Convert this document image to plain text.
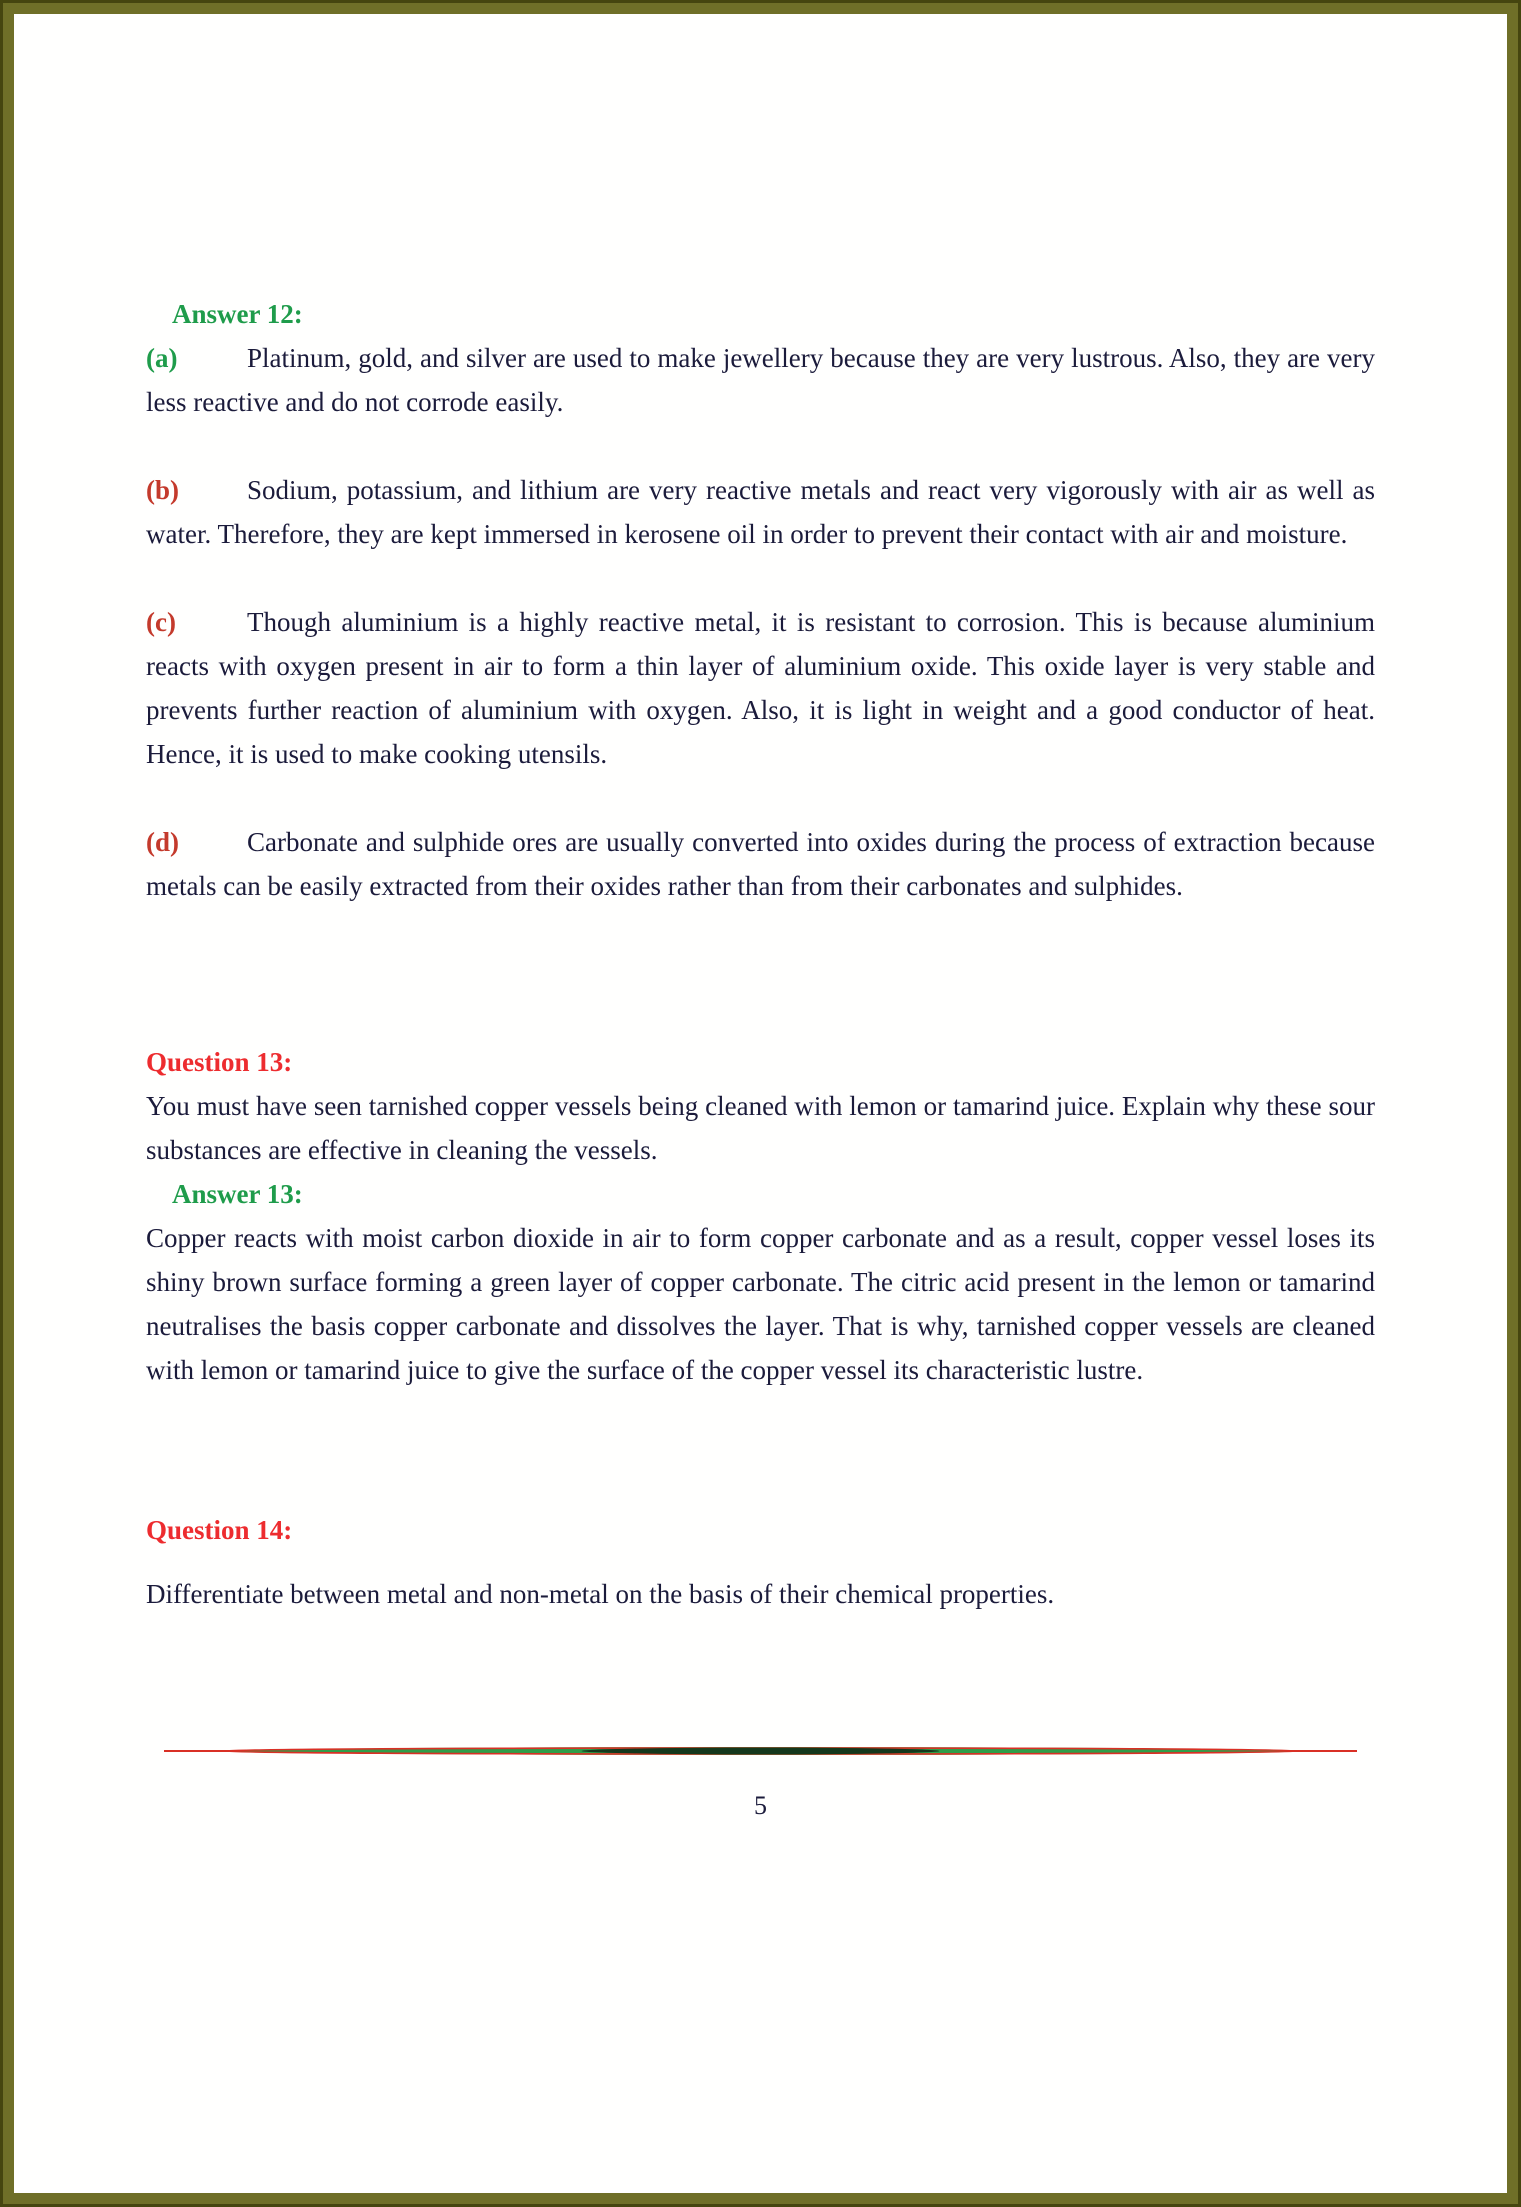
Answer 12:

(a)	Platinum, gold, and silver are used to make jewellery because they are very lustrous. Also, they are very less reactive and do not corrode easily.

(b)	Sodium, potassium, and lithium are very reactive metals and react very vigorously with air as well as water. Therefore, they are kept immersed in kerosene oil in order to prevent their contact with air and moisture.

(c)	Though aluminium is a highly reactive metal, it is resistant to corrosion. This is because aluminium reacts with oxygen present in air to form a thin layer of aluminium oxide. This oxide layer is very stable and prevents further reaction of aluminium with oxygen. Also, it is light in weight and a good conductor of heat. Hence, it is used to make cooking utensils.

(d)	Carbonate and sulphide ores are usually converted into oxides during the process of extraction because metals can be easily extracted from their oxides rather than from their carbonates and sulphides.

Question 13:

You must have seen tarnished copper vessels being cleaned with lemon or tamarind juice. Explain why these sour substances are effective in cleaning the vessels.

Answer 13:

Copper reacts with moist carbon dioxide in air to form copper carbonate and as a result, copper vessel loses its shiny brown surface forming a green layer of copper carbonate. The citric acid present in the lemon or tamarind neutralises the basis copper carbonate and dissolves the layer. That is why, tarnished copper vessels are cleaned with lemon or tamarind juice to give the surface of the copper vessel its characteristic lustre.

Question 14:

Differentiate between metal and non-metal on the basis of their chemical properties.

5
